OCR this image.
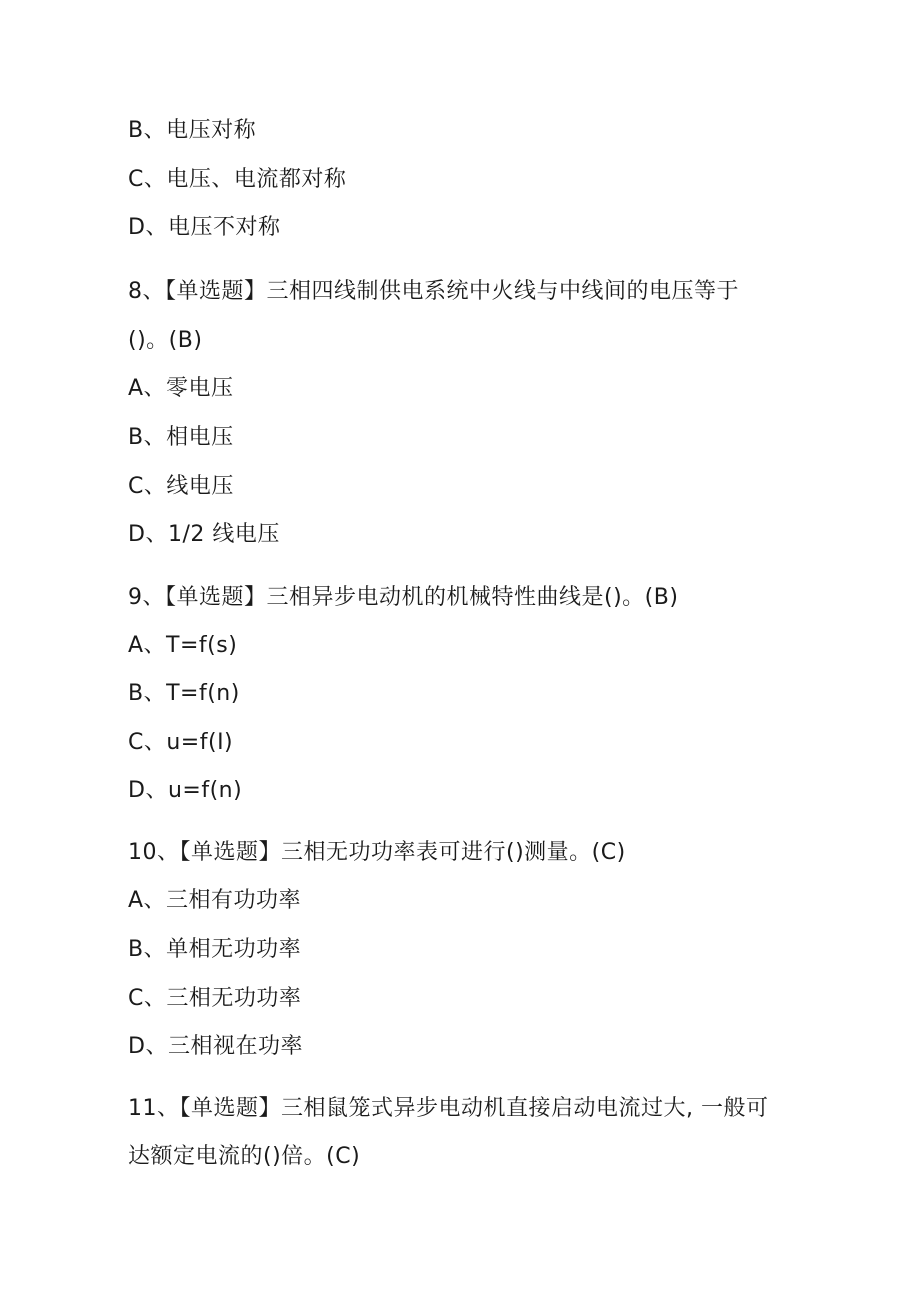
B、电压对称
C、电压、电流都对称
D、电压不对称
8、【单选题】三相四线制供电系统中火线与中线间的电压等于
()。(B)
A、零电压
B、相电压
C、线电压
D、1/2 线电压
9、【单选题】三相异步电动机的机械特性曲线是()。(B)
A、T=f(s)
B、T=f(n)
C、u=f(I)
D、u=f(n)
10、【单选题】三相无功功率表可进行()测量。(C)
A、三相有功功率
B、单相无功功率
C、三相无功功率
D、三相视在功率
11、【单选题】三相鼠笼式异步电动机直接启动电流过大, 一般可
达额定电流的()倍。(C)
